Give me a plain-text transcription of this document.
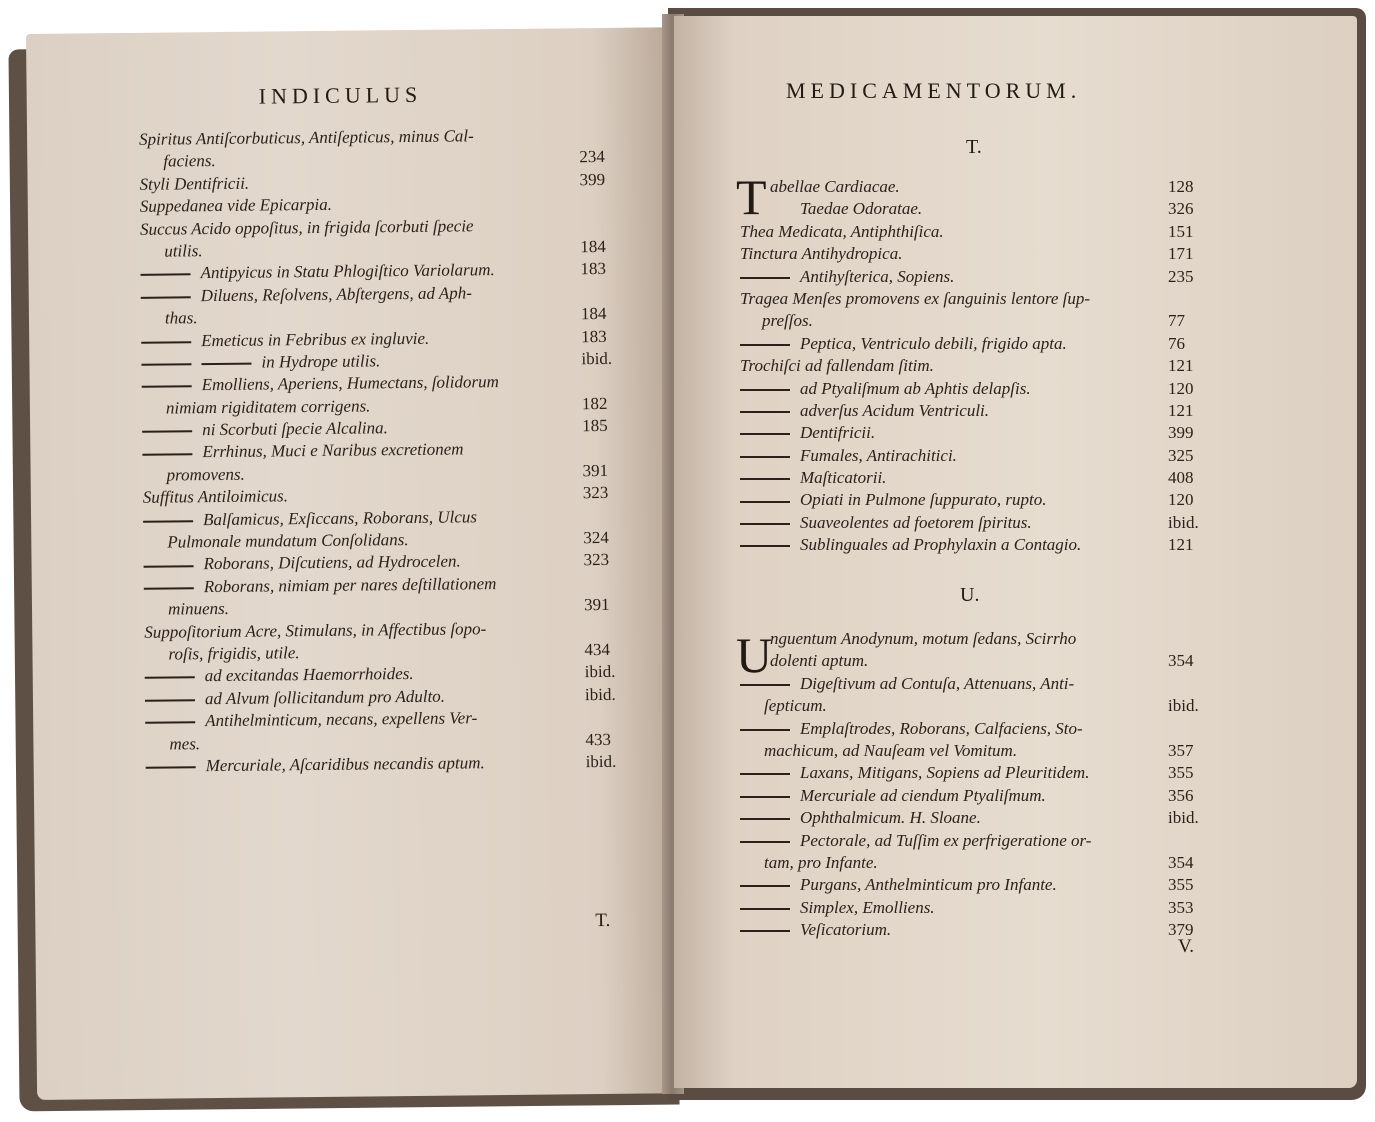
INDICULUS
Spiritus Antiſcorbuticus, Antiſepticus, minus Cal-
faciens.	234
Styli Dentifricii.	399
Suppedanea vide Epicarpia.
Succus Acido oppoſitus, in frigida ſcorbuti ſpecie
utilis.	184
Antipyicus in Statu Phlogiſtico Variolarum.	183
Diluens, Reſolvens, Abſtergens, ad Aph-
thas.	184
Emeticus in Febribus ex ingluvie.	183
in Hydrope utilis.	ibid.
Emolliens, Aperiens, Humectans, ſolidorum
nimiam rigiditatem corrigens.	182
ni Scorbuti ſpecie Alcalina.	185
Errhinus, Muci e Naribus excretionem
promovens.	391
Suffitus Antiloimicus.	323
Balſamicus, Exſiccans, Roborans, Ulcus
Pulmonale mundatum Conſolidans.	324
Roborans, Diſcutiens, ad Hydrocelen.	323
Roborans, nimiam per nares deſtillationem
minuens.	391
Suppoſitorium Acre, Stimulans, in Affectibus ſopo-
roſis, frigidis, utile.	434
ad excitandas Haemorrhoides.	ibid.
ad Alvum ſollicitandum pro Adulto.	ibid.
Antihelminticum, necans, expellens Ver-
mes.	433
Mercuriale, Aſcaridibus necandis aptum.	ibid.
T.
MEDICAMENTORUM.
T.
T abellae Cardiacae.	128
Taedae Odoratae.	326
Thea Medicata, Antiphthiſica.	151
Tinctura Antihydropica.	171
Antihyſterica, Sopiens.	235
Tragea Menſes promovens ex ſanguinis lentore ſup-
preſſos.	77
Peptica, Ventriculo debili, frigido apta.	76
Trochiſci ad fallendam ſitim.	121
ad Ptyaliſmum ab Aphtis delapſis.	120
adverſus Acidum Ventriculi.	121
Dentifricii.	399
Fumales, Antirachitici.	325
Maſticatorii.	408
Opiati in Pulmone ſuppurato, rupto.	120
Suaveolentes ad foetorem ſpiritus.	ibid.
Sublinguales ad Prophylaxin a Contagio.	121
U.
U
nguentum Anodynum, motum ſedans, Scirrho
dolenti aptum.	354
Digeſtivum ad Contuſa, Attenuans, Anti-
ſepticum.	ibid.
Emplaſtrodes, Roborans, Calfaciens, Sto-
machicum, ad Nauſeam vel Vomitum.	357
Laxans, Mitigans, Sopiens ad Pleuritidem.	355
Mercuriale ad ciendum Ptyaliſmum.	356
Ophthalmicum. H. Sloane.	ibid.
Pectorale, ad Tuſſim ex perfrigeratione or-
tam, pro Infante.	354
Purgans, Anthelminticum pro Infante.	355
Simplex, Emolliens.	353
Veſicatorium.	379
V.
